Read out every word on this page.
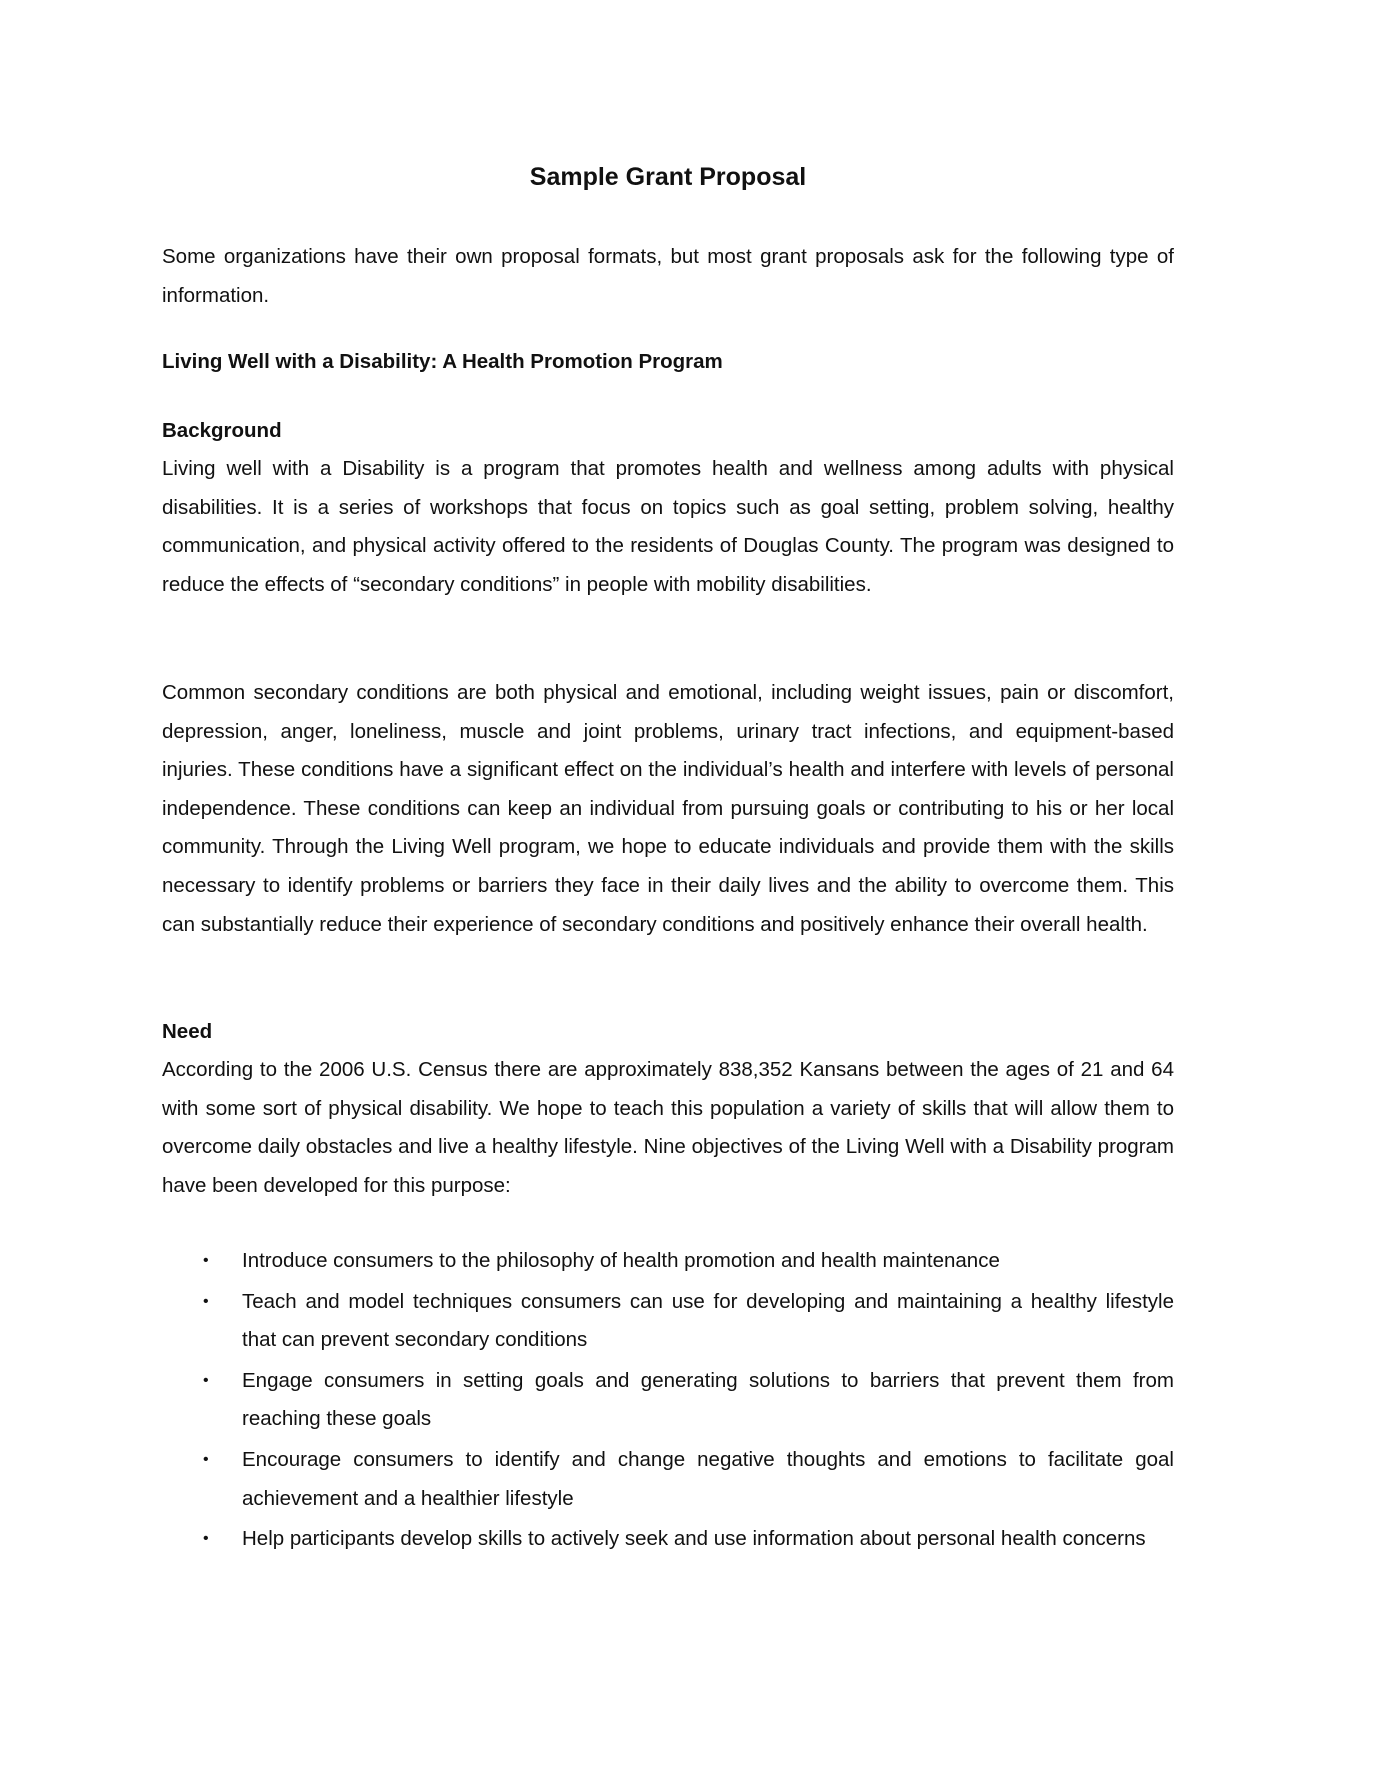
Sample Grant Proposal

Some organizations have their own proposal formats, but most grant proposals ask for the following type of information.

Living Well with a Disability: A Health Promotion Program
Background

Living well with a Disability is a program that promotes health and wellness among adults with physical disabilities. It is a series of workshops that focus on topics such as goal setting, problem solving, healthy communication, and physical activity offered to the residents of Douglas County. The program was designed to reduce the effects of “secondary conditions” in people with mobility disabilities.

Common secondary conditions are both physical and emotional, including weight issues, pain or discomfort, depression, anger, loneliness, muscle and joint problems, urinary tract infections, and equipment-based injuries. These conditions have a significant effect on the individual’s health and interfere with levels of personal independence. These conditions can keep an individual from pursuing goals or contributing to his or her local community. Through the Living Well program, we hope to educate individuals and provide them with the skills necessary to identify problems or barriers they face in their daily lives and the ability to overcome them. This can substantially reduce their experience of secondary conditions and positively enhance their overall health.

Need

According to the 2006 U.S. Census there are approximately 838,352 Kansans between the ages of 21 and 64 with some sort of physical disability. We hope to teach this population a variety of skills that will allow them to overcome daily obstacles and live a healthy lifestyle. Nine objectives of the Living Well with a Disability program have been developed for this purpose:

• Introduce consumers to the philosophy of health promotion and health maintenance
• Teach and model techniques consumers can use for developing and maintaining a healthy lifestyle that can prevent secondary conditions
• Engage consumers in setting goals and generating solutions to barriers that prevent them from reaching these goals
• Encourage consumers to identify and change negative thoughts and emotions to facilitate goal achievement and a healthier lifestyle
• Help participants develop skills to actively seek and use information about personal health concerns
